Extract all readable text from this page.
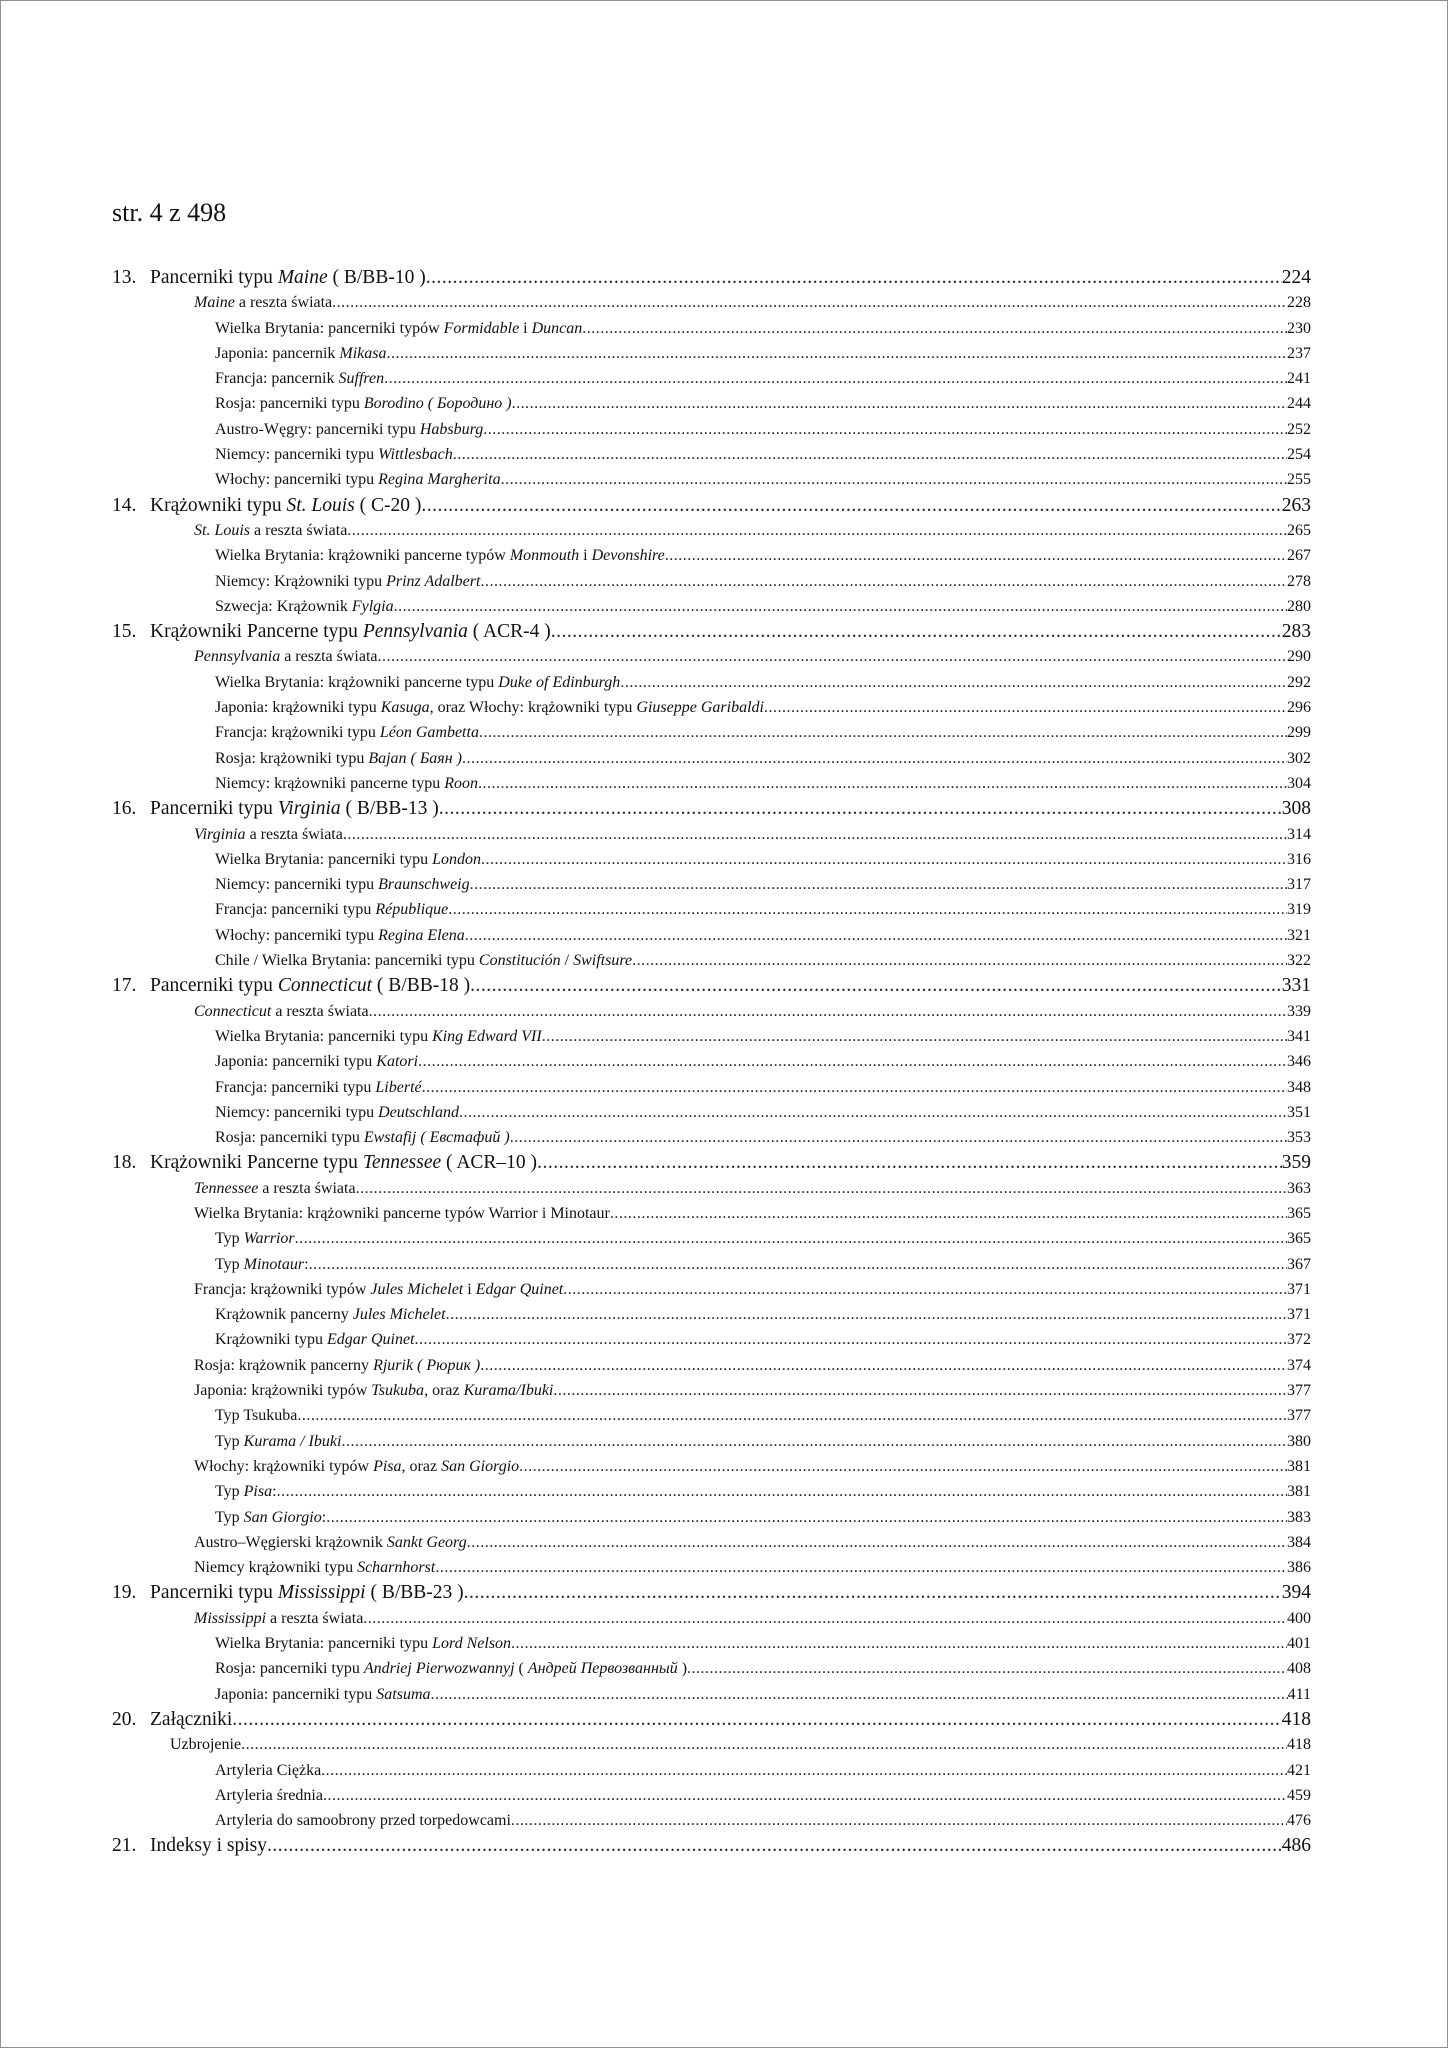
str. 4 z 498
13. Pancerniki typu Maine ( B/BB-10 ) .....	224
Maine a reszta świata .....	228
Wielka Brytania: pancerniki typów Formidable i Duncan .....	230
Japonia: pancernik Mikasa .....	237
Francja: pancernik Suffren .....	241
Rosja: pancerniki typu Borodino ( Бородино ) .....	244
Austro-Węgry: pancerniki typu Habsburg .....	252
Niemcy: pancerniki typu Wittlesbach .....	254
Włochy: pancerniki typu Regina Margherita .....	255
14. Krążowniki typu St. Louis ( C-20 ) .....	263
St. Louis a reszta świata .....	265
Wielka Brytania: krążowniki pancerne typów Monmouth i Devonshire .....	267
Niemcy: Krążowniki typu Prinz Adalbert .....	278
Szwecja: Krążownik Fylgia .....	280
15. Krążowniki Pancerne typu Pennsylvania ( ACR-4 ) .....	283
Pennsylvania a reszta świata .....	290
Wielka Brytania: krążowniki pancerne typu Duke of Edinburgh .....	292
Japonia: krążowniki typu Kasuga, oraz Włochy: krążowniki typu Giuseppe Garibaldi .....	296
Francja: krążowniki typu Léon Gambetta .....	299
Rosja: krążowniki typu Bajan ( Баян ) .....	302
Niemcy: krążowniki pancerne typu Roon .....	304
16. Pancerniki typu Virginia ( B/BB-13 ) .....	308
Virginia a reszta świata .....	314
Wielka Brytania: pancerniki typu London .....	316
Niemcy: pancerniki typu Braunschweig .....	317
Francja: pancerniki typu République .....	319
Włochy: pancerniki typu Regina Elena .....	321
Chile / Wielka Brytania: pancerniki typu Constitución / Swiftsure .....	322
17. Pancerniki typu Connecticut ( B/BB-18 ) .....	331
Connecticut a reszta świata .....	339
Wielka Brytania: pancerniki typu King Edward VII .....	341
Japonia: pancerniki typu Katori .....	346
Francja: pancerniki typu Liberté .....	348
Niemcy: pancerniki typu Deutschland .....	351
Rosja: pancerniki typu Ewstafij ( Евстафий ) .....	353
18. Krążowniki Pancerne typu Tennessee ( ACR–10 ) .....	359
Tennessee a reszta świata .....	363
Wielka Brytania: krążowniki pancerne typów Warrior i Minotaur .....	365
Typ Warrior .....	365
Typ Minotaur: .....	367
Francja: krążowniki typów Jules Michelet i Edgar Quinet .....	371
Krążownik pancerny Jules Michelet .....	371
Krążowniki typu Edgar Quinet .....	372
Rosja: krążownik pancerny Rjurik ( Рюрик ) .....	374
Japonia: krążowniki typów Tsukuba, oraz Kurama/Ibuki .....	377
Typ Tsukuba .....	377
Typ Kurama / Ibuki .....	380
Włochy: krążowniki typów Pisa, oraz San Giorgio .....	381
Typ Pisa: .....	381
Typ San Giorgio: .....	383
Austro–Węgierski krążownik Sankt Georg .....	384
Niemcy krążowniki typu Scharnhorst .....	386
19. Pancerniki typu Mississippi ( B/BB-23 ) .....	394
Mississippi a reszta świata .....	400
Wielka Brytania: pancerniki typu Lord Nelson .....	401
Rosja: pancerniki typu Andriej Pierwozwannyj ( Андрей Первозванный ) .....	408
Japonia: pancerniki typu Satsuma .....	411
20. Załączniki .....	418
Uzbrojenie .....	418
Artyleria Ciężka .....	421
Artyleria średnia .....	459
Artyleria do samoobrony przed torpedowcami .....	476
21. Indeksy i spisy .....	486
